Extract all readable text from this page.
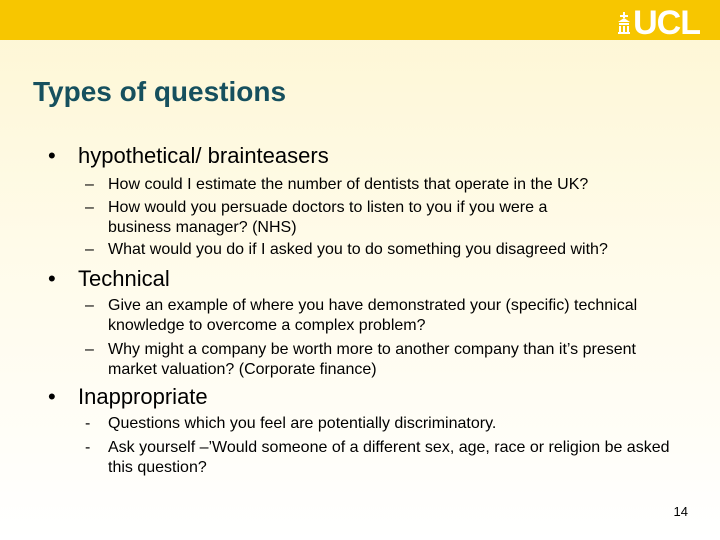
UCL
Types of questions
• hypothetical/ brainteasers
– How could I estimate the number of dentists that operate in the UK?
– How would you persuade doctors to listen to you if you were a business manager? (NHS)
– What would you do if I asked you to do something you disagreed with?
• Technical
– Give an example of where you have demonstrated your (specific) technical knowledge to overcome a complex problem?
– Why might a company be worth more to another company than it’s present market valuation? (Corporate finance)
• Inappropriate
- Questions which you feel are potentially discriminatory.
- Ask yourself –’Would someone of a different sex, age, race or religion be asked this question?
14
